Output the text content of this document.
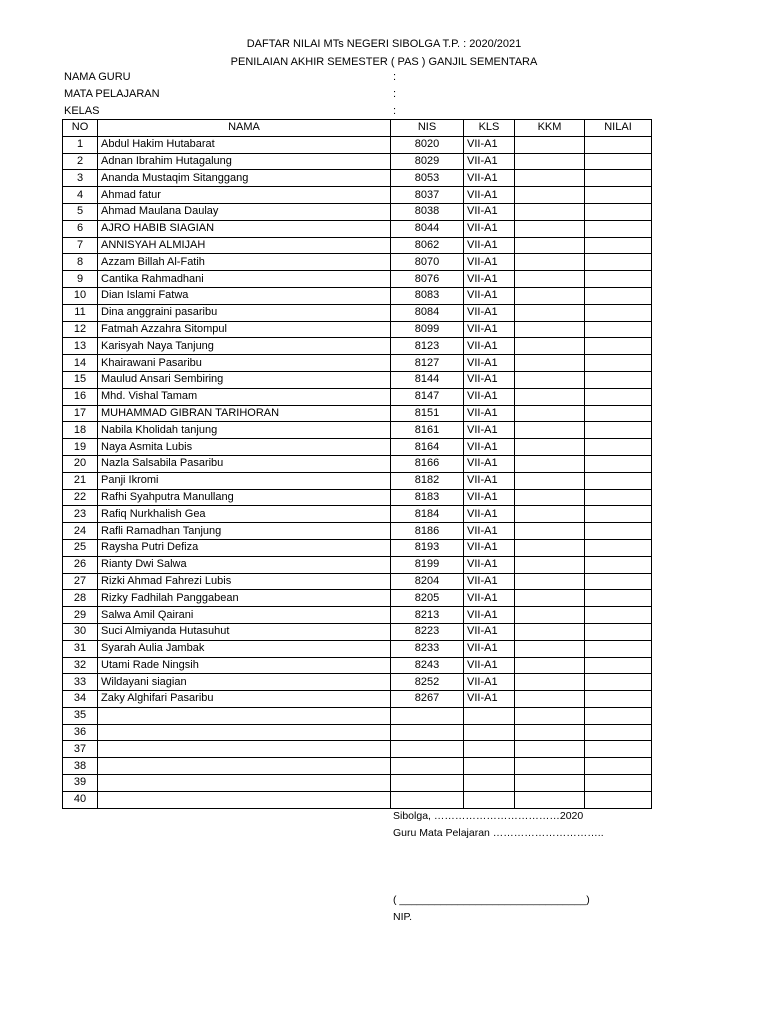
DAFTAR NILAI MTs NEGERI SIBOLGA T.P. : 2020/2021
PENILAIAN AKHIR SEMESTER ( PAS ) GANJIL SEMENTARA
NAMA GURU	:
MATA PELAJARAN	:
KELAS	:
NO	NAMA	NIS	KLS	KKM	NILAI
1	Abdul Hakim Hutabarat	8020	VII-A1		
2	Adnan Ibrahim Hutagalung	8029	VII-A1		
3	Ananda Mustaqim Sitanggang	8053	VII-A1		
4	Ahmad fatur	8037	VII-A1		
5	Ahmad Maulana Daulay	8038	VII-A1		
6	AJRO HABIB SIAGIAN	8044	VII-A1		
7	ANNISYAH ALMIJAH	8062	VII-A1		
8	Azzam Billah Al-Fatih	8070	VII-A1		
9	Cantika Rahmadhani	8076	VII-A1		
10	Dian Islami Fatwa	8083	VII-A1		
11	Dina anggraini pasaribu	8084	VII-A1		
12	Fatmah Azzahra Sitompul	8099	VII-A1		
13	Karisyah Naya Tanjung	8123	VII-A1		
14	Khairawani Pasaribu	8127	VII-A1		
15	Maulud Ansari Sembiring	8144	VII-A1		
16	Mhd. Vishal Tamam	8147	VII-A1		
17	MUHAMMAD GIBRAN TARIHORAN	8151	VII-A1		
18	Nabila Kholidah tanjung	8161	VII-A1		
19	Naya Asmita Lubis	8164	VII-A1		
20	Nazla Salsabila Pasaribu	8166	VII-A1		
21	Panji Ikromi	8182	VII-A1		
22	Rafhi Syahputra Manullang	8183	VII-A1		
23	Rafiq Nurkhalish Gea	8184	VII-A1		
24	Rafli Ramadhan Tanjung	8186	VII-A1		
25	Raysha Putri Defiza	8193	VII-A1		
26	Rianty Dwi Salwa	8199	VII-A1		
27	Rizki Ahmad Fahrezi Lubis	8204	VII-A1		
28	Rizky Fadhilah Panggabean	8205	VII-A1		
29	Salwa Amil Qairani	8213	VII-A1		
30	Suci Almiyanda Hutasuhut	8223	VII-A1		
31	Syarah Aulia Jambak	8233	VII-A1		
32	Utami Rade Ningsih	8243	VII-A1		
33	Wildayani siagian	8252	VII-A1		
34	Zaky Alghifari Pasaribu	8267	VII-A1		
35					
36					
37					
38					
39					
40					
Sibolga, ………………………………2020
Guru Mata Pelajaran …………………………..
( ________________________________)
NIP.
